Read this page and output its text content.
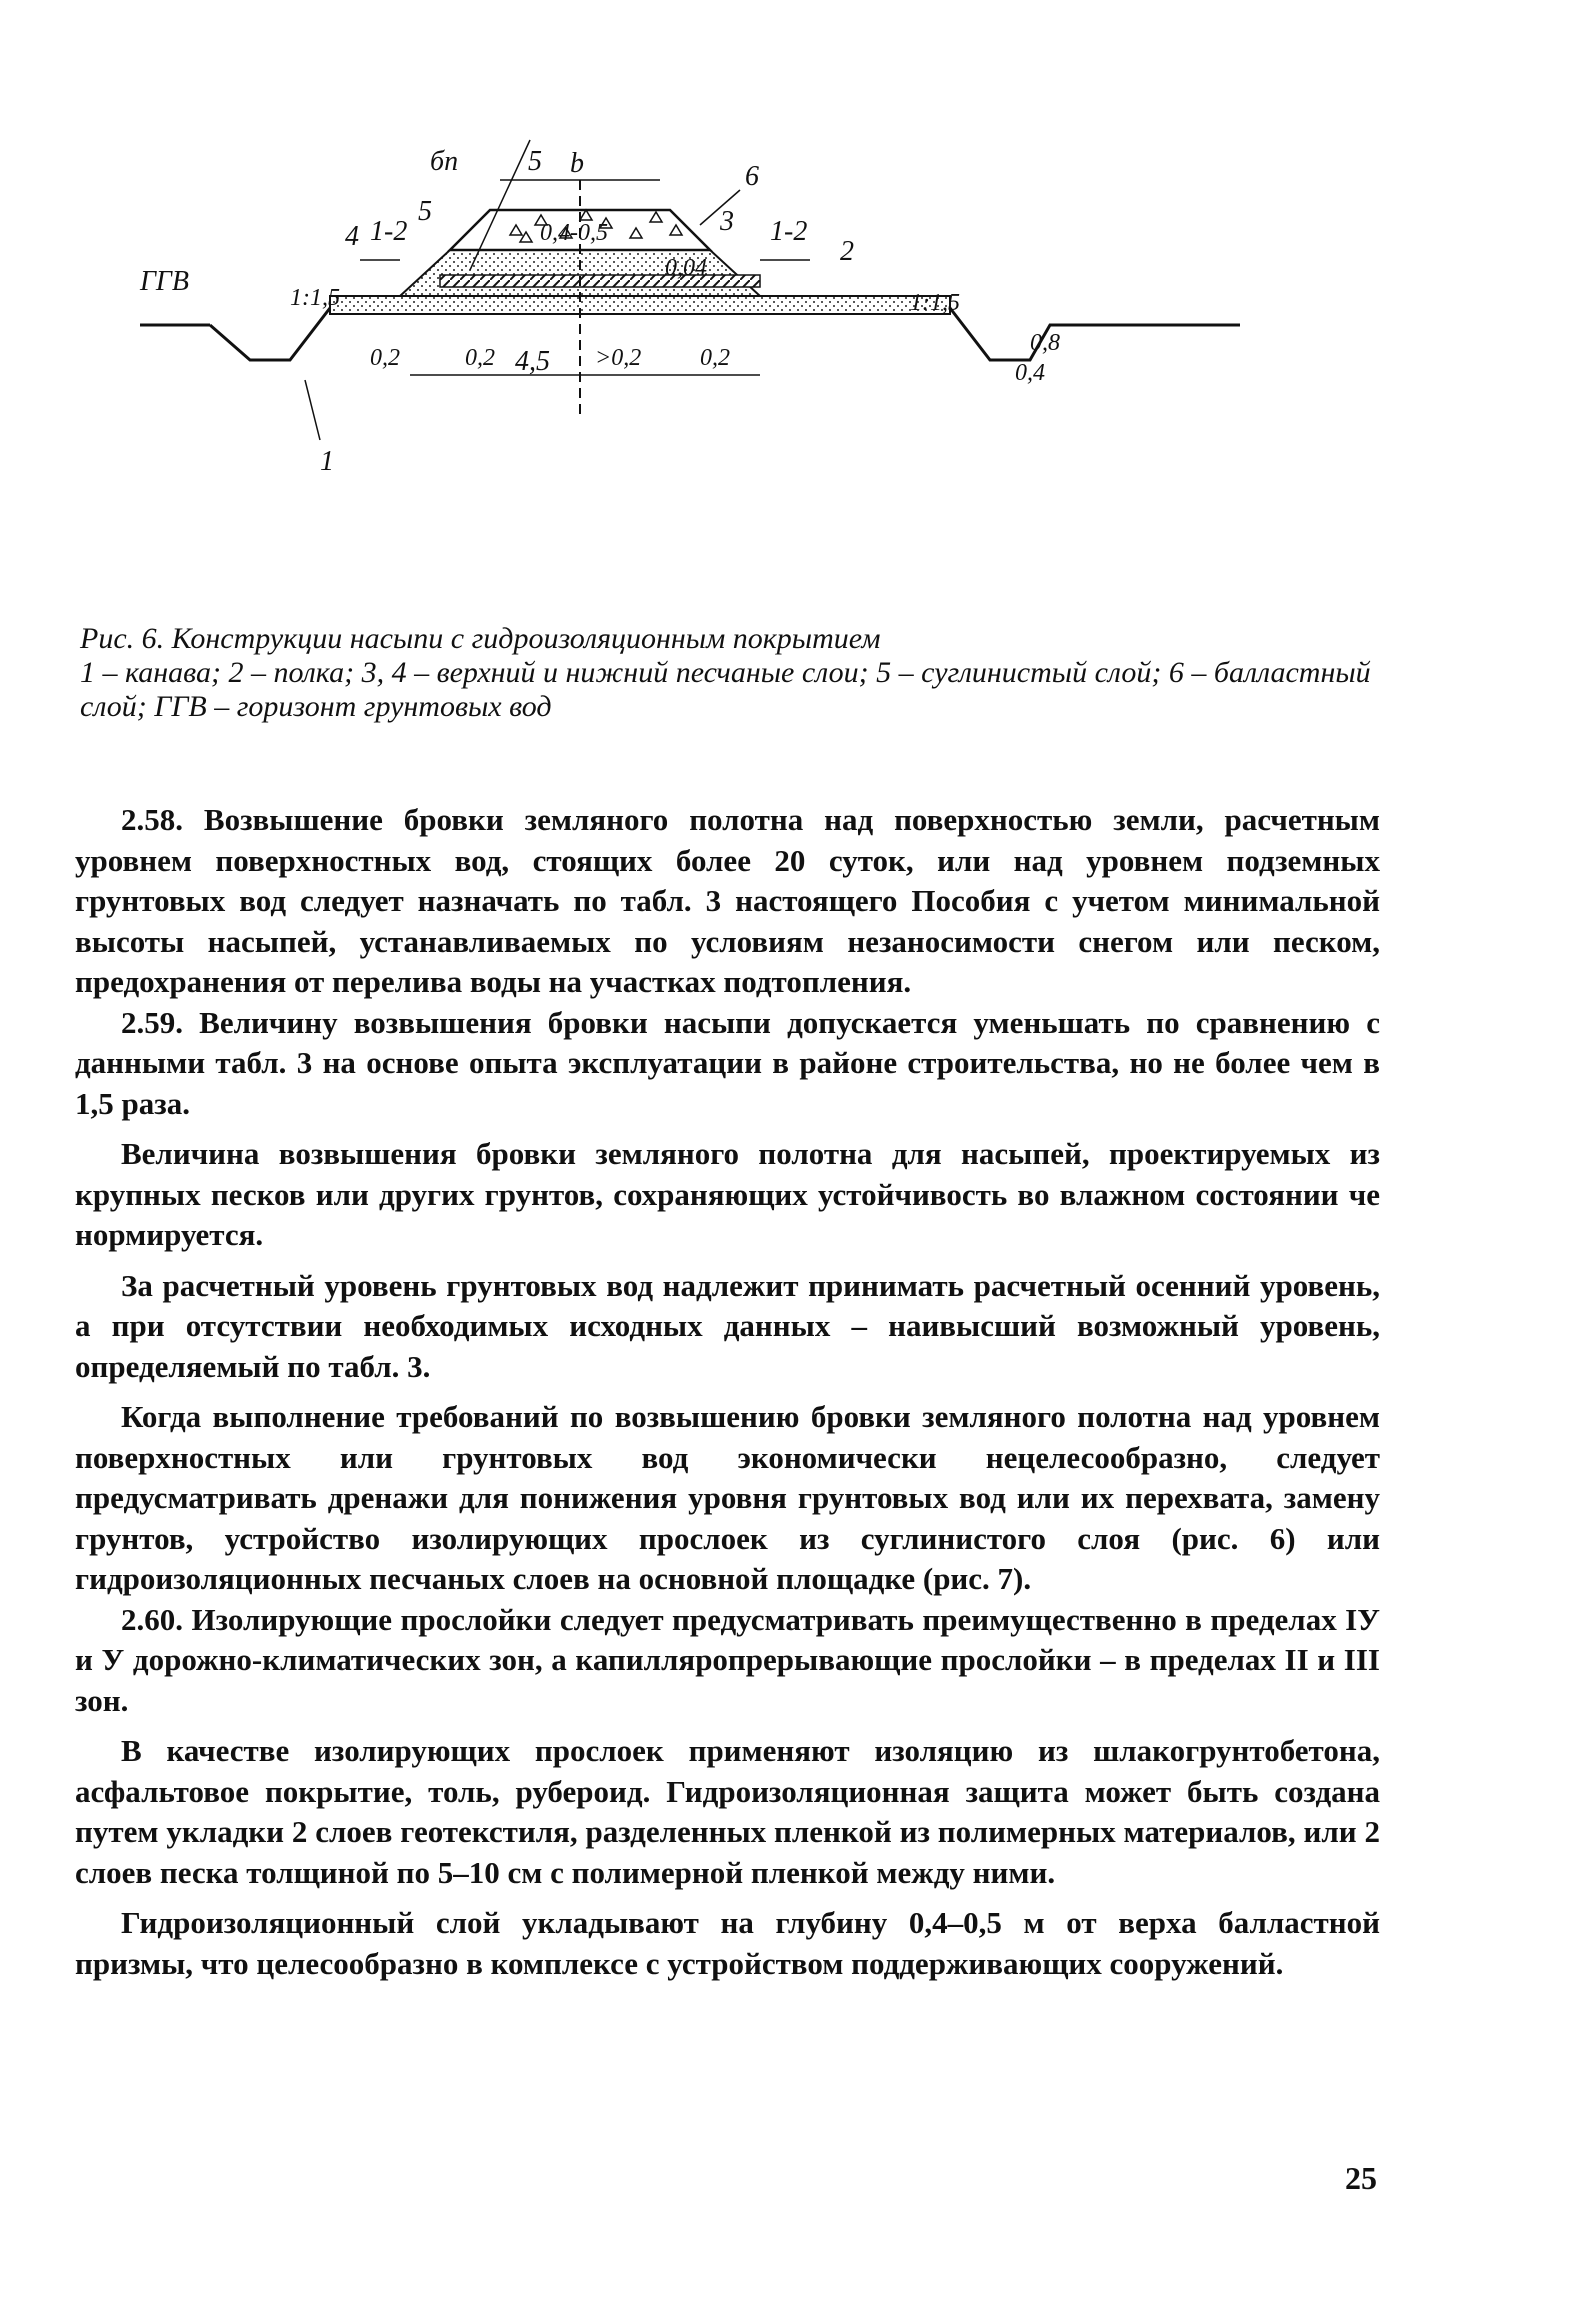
5 b
бп
5
6
4 1-2	1-2
3
2
ГГВ
1:1,5	1:1,5
0,4-0,5
0,04
0,2	0,2	>0,2 0,2
4,5
0,8
0,4
1
Рис. 6. Конструкции насыпи с гидроизоляционным покрытием
1 – канава; 2 – полка; 3, 4 – верхний и нижний песчаные слои; 5 – суглинистый слой; 6 – балластный слой; ГГВ – горизонт грунтовых вод

2.58. Возвышение бровки земляного полотна над поверхностью земли, расчетным уровнем поверхностных вод, стоящих более 20 суток, или над уровнем подземных грунтовых вод следует назначать по табл. 3 настоящего Пособия с учетом минимальной высоты насыпей, устанавливаемых по условиям незаносимости снегом или песком, предохранения от перелива воды на участках подтопления.

2.59. Величину возвышения бровки насыпи допускается уменьшать по сравнению с данными табл. 3 на основе опыта эксплуатации в районе строительства, но не более чем в 1,5 раза.

Величина возвышения бровки земляного полотна для насыпей, проектируемых из крупных песков или других грунтов, сохраняющих устойчивость во влажном состоянии че нормируется.

За расчетный уровень грунтовых вод надлежит принимать расчетный осенний уровень, а при отсутствии необходимых исходных данных – наивысший возможный уровень, определяемый по табл. 3.

Когда выполнение требований по возвышению бровки земляного полотна над уровнем поверхностных или грунтовых вод экономически нецелесообразно, следует предусматривать дренажи для понижения уровня грунтовых вод или их перехвата, замену грунтов, устройство изолирующих прослоек из суглинистого слоя (рис. 6) или гидроизоляционных песчаных слоев на основной площадке (рис. 7).

2.60. Изолирующие прослойки следует предусматривать преимущественно в пределах IУ и У дорожно-климатических зон, а капилляропрерывающие прослойки – в пределах II и III зон.

В качестве изолирующих прослоек применяют изоляцию из шлакогрунтобетона, асфальтовое покрытие, толь, рубероид. Гидроизоляционная защита может быть создана путем укладки 2 слоев геотекстиля, разделенных пленкой из полимерных материалов, или 2 слоев песка толщиной по 5–10 см с полимерной пленкой между ними.

Гидроизоляционный слой укладывают на глубину 0,4–0,5 м от верха балластной призмы, что целесообразно в комплексе с устройством поддерживающих сооружений.

25
